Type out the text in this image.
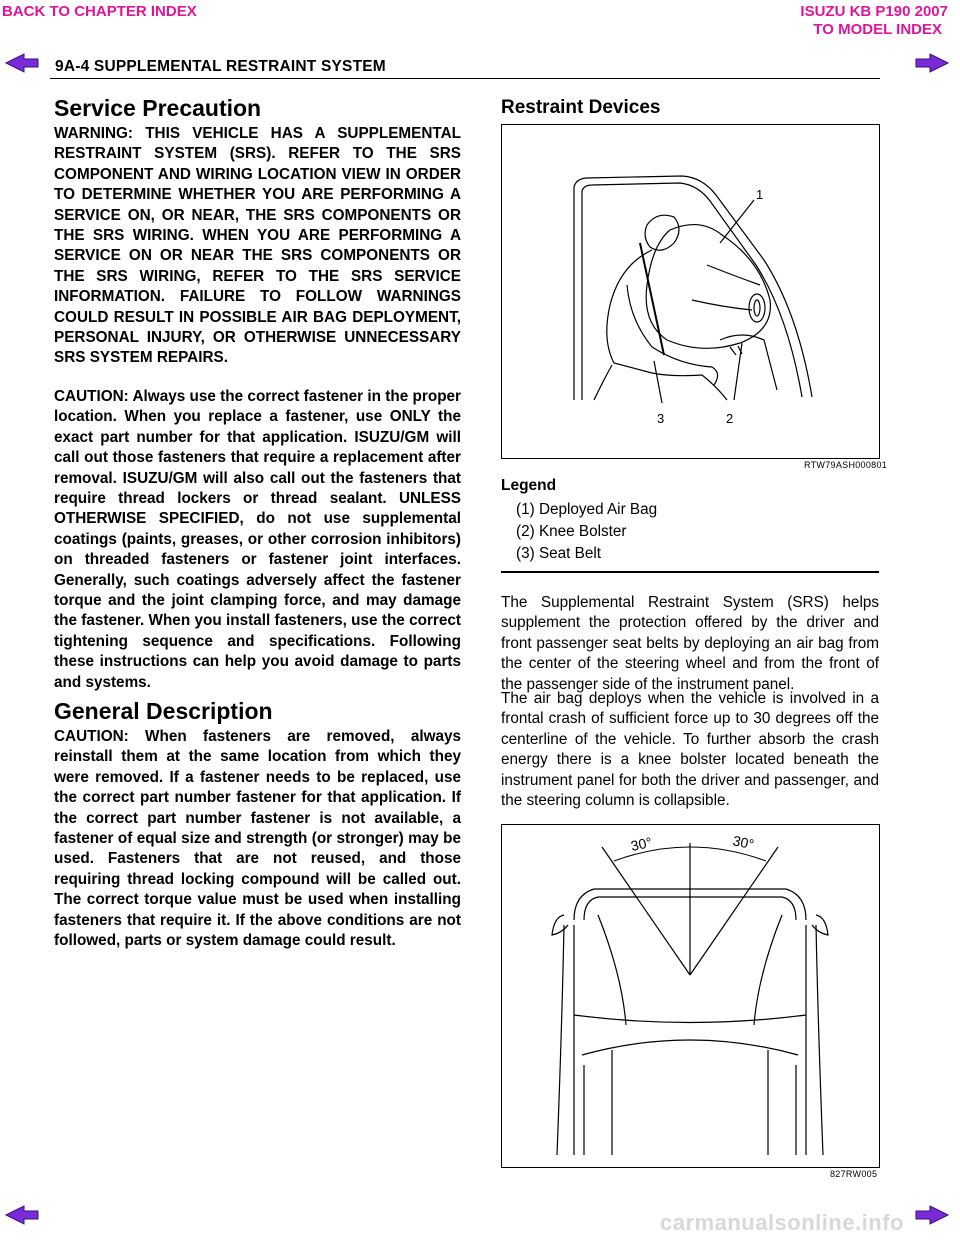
BACK TO CHAPTER INDEX	ISUZU KB P190 2007
TO MODEL INDEX
9A-4 SUPPLEMENTAL RESTRAINT SYSTEM
Service Precaution
WARNING: THIS VEHICLE HAS A SUPPLEMENTAL RESTRAINT SYSTEM (SRS). REFER TO THE SRS COMPONENT AND WIRING LOCATION VIEW IN ORDER TO DETERMINE WHETHER YOU ARE PERFORMING A SERVICE ON, OR NEAR, THE SRS COMPONENTS OR THE SRS WIRING. WHEN YOU ARE PERFORMING A SERVICE ON OR NEAR THE SRS COMPONENTS OR THE SRS WIRING, REFER TO THE SRS SERVICE INFORMATION. FAILURE TO FOLLOW WARNINGS COULD RESULT IN POSSIBLE AIR BAG DEPLOYMENT, PERSONAL INJURY, OR OTHERWISE UNNECESSARY SRS SYSTEM REPAIRS.
CAUTION: Always use the correct fastener in the proper location. When you replace a fastener, use ONLY the exact part number for that application. ISUZU/GM will call out those fasteners that require a replacement after removal. ISUZU/GM will also call out the fasteners that require thread lockers or thread sealant. UNLESS OTHERWISE SPECIFIED, do not use supplemental coatings (paints, greases, or other corrosion inhibitors) on threaded fasteners or fastener joint interfaces. Generally, such coatings adversely affect the fastener torque and the joint clamping force, and may damage the fastener. When you install fasteners, use the correct tightening sequence and specifications. Following these instructions can help you avoid damage to parts and systems.
General Description
CAUTION: When fasteners are removed, always reinstall them at the same location from which they were removed. If a fastener needs to be replaced, use the correct part number fastener for that application. If the correct part number fastener is not available, a fastener of equal size and strength (or stronger) may be used. Fasteners that are not reused, and those requiring thread locking compound will be called out. The correct torque value must be used when installing fasteners that require it. If the above conditions are not followed, parts or system damage could result.
Restraint Devices
1
2
3
RTW79ASH000801
Legend
(1) Deployed Air Bag
(2) Knee Bolster
(3) Seat Belt
The Supplemental Restraint System (SRS) helps supplement the protection offered by the driver and front passenger seat belts by deploying an air bag from the center of the steering wheel and from the front of the passenger side of the instrument panel.
The air bag deploys when the vehicle is involved in a frontal crash of sufficient force up to 30 degrees off the centerline of the vehicle. To further absorb the crash energy there is a knee bolster located beneath the instrument panel for both the driver and passenger, and the steering column is collapsible.
30°	30°
827RW005
carmanualsonline.info
